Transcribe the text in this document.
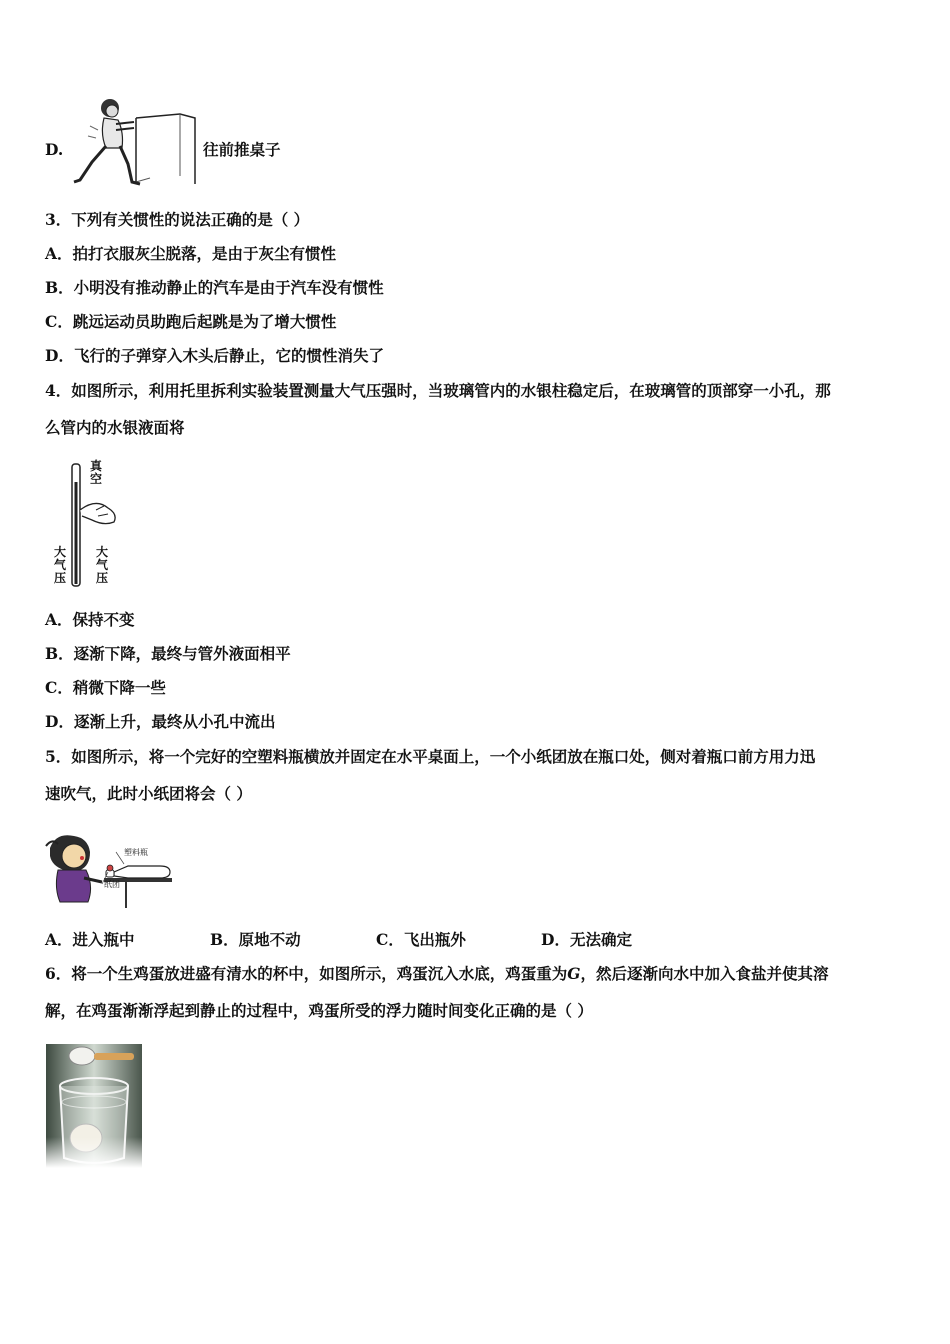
D.	往前推桌子
3．下列有关惯性的说法正确的是（ ）
A．拍打衣服灰尘脱落，是由于灰尘有惯性
B．小明没有推动静止的汽车是由于汽车没有惯性
C．跳远运动员助跑后起跳是为了增大惯性
D．飞行的子弹穿入木头后静止，它的惯性消失了
4．如图所示，利用托里拆利实验装置测量大气压强时，当玻璃管内的水银柱稳定后，在玻璃管的顶部穿一小孔，那
么管内的水银液面将
真空
大气压
大气压
A．保持不变
B．逐渐下降，最终与管外液面相平
C．稍微下降一些
D．逐渐上升，最终从小孔中流出
5．如图所示，将一个完好的空塑料瓶横放并固定在水平桌面上，一个小纸团放在瓶口处，侧对着瓶口前方用力迅
速吹气，此时小纸团将会（ ）
塑料瓶
纸团
A．进入瓶中	B．原地不动	C．飞出瓶外	D．无法确定
6．将一个生鸡蛋放进盛有清水的杯中，如图所示，鸡蛋沉入水底，鸡蛋重为G，然后逐渐向水中加入食盐并使其溶
解，在鸡蛋渐渐浮起到静止的过程中，鸡蛋所受的浮力随时间变化正确的是（ ）
